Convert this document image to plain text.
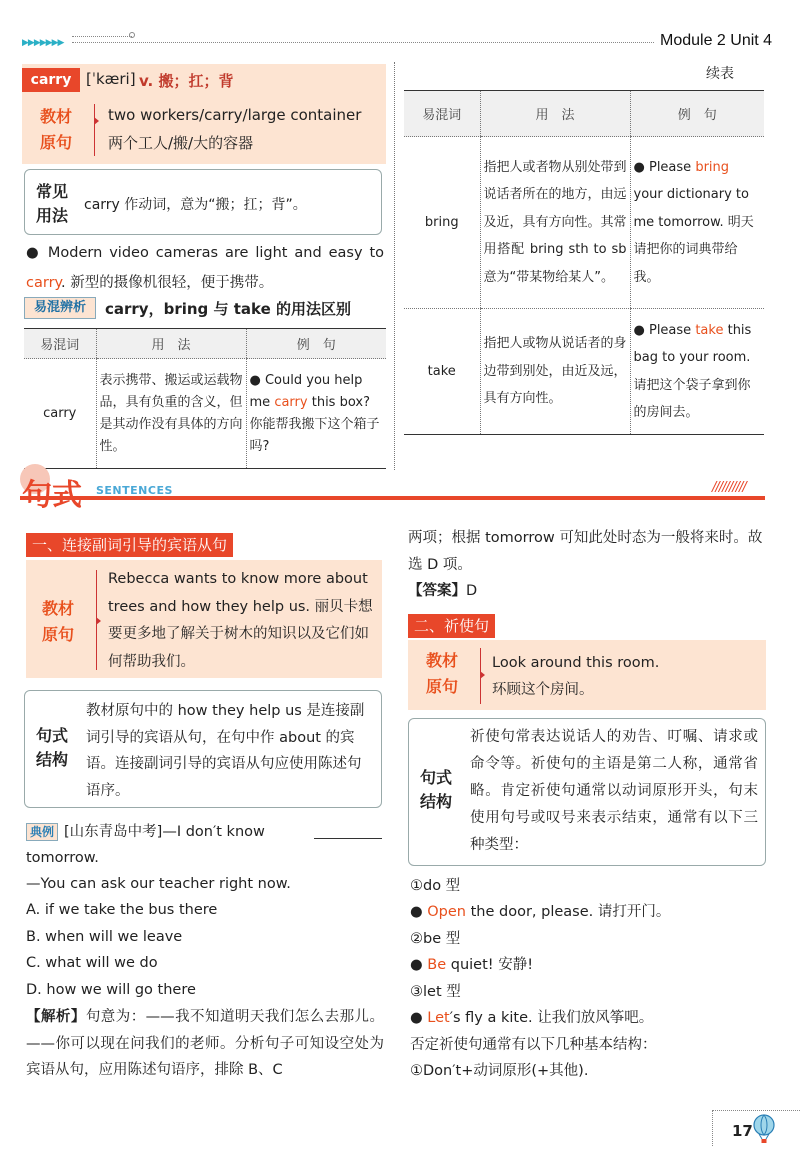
▶▶▶▶▶▶▶	Module 2 Unit 4
carry [ˈkæri] v. 搬；扛；背
教材原句
two workers/carry/large container
两个工人/搬/大的容器
常见用法
carry 作动词，意为“搬；扛；背”。
● Modern video cameras are light and easy to
carry. 新型的摄像机很轻，便于携带。
易混辨析	carry，bring 与 take 的用法区别
易混词	用　法	例　句
carry	表示携带、搬运或运载物品，具有负重的含义，但是其动作没有具体的方向性。	● Could you help me carry this box? 你能帮我搬下这个箱子吗?
续表
易混词	用　法	例　句
bring	指把人或者物从别处带到说话者所在的地方，由远及近，具有方向性。其常用搭配 bring sth to sb 意为“带某物给某人”。	● Please bring your dictionary to me tomorrow. 明天请把你的词典带给我。
take	指把人或物从说话者的身边带到别处，由近及远，具有方向性。	● Please take this bag to your room. 请把这个袋子拿到你的房间去。
句式 SENTENCES	//////////
一、连接副词引导的宾语从句
教材原句
Rebecca wants to know more about trees and how they help us. 丽贝卡想要更多地了解关于树木的知识以及它们如何帮助我们。
句式结构
教材原句中的 how they help us 是连接副词引导的宾语从句，在句中作 about 的宾语。连接副词引导的宾语从句应使用陈述句语序。
典例 [山东青岛中考]—I don′t know
tomorrow.
—You can ask our teacher right now.
A. if we take the bus there
B. when will we leave
C. what will we do
D. how we will go there
【解析】句意为：——我不知道明天我们怎么去那儿。——你可以现在问我们的老师。分析句子可知设空处为宾语从句，应用陈述句语序，排除 B、C
两项；根据 tomorrow 可知此处时态为一般将来时。故选 D 项。
【答案】D
二、祈使句
教材原句
Look around this room.
环顾这个房间。
句式结构
祈使句常表达说话人的劝告、叮嘱、请求或命令等。祈使句的主语是第二人称，通常省略。肯定祈使句通常以动词原形开头，句末使用句号或叹号来表示结束，通常有以下三种类型：
①do 型
● Open the door, please. 请打开门。
②be 型
● Be quiet! 安静!
③let 型
● Let′s fly a kite. 让我们放风筝吧。
否定祈使句通常有以下几种基本结构：
①Don′t+动词原形(+其他).
17
